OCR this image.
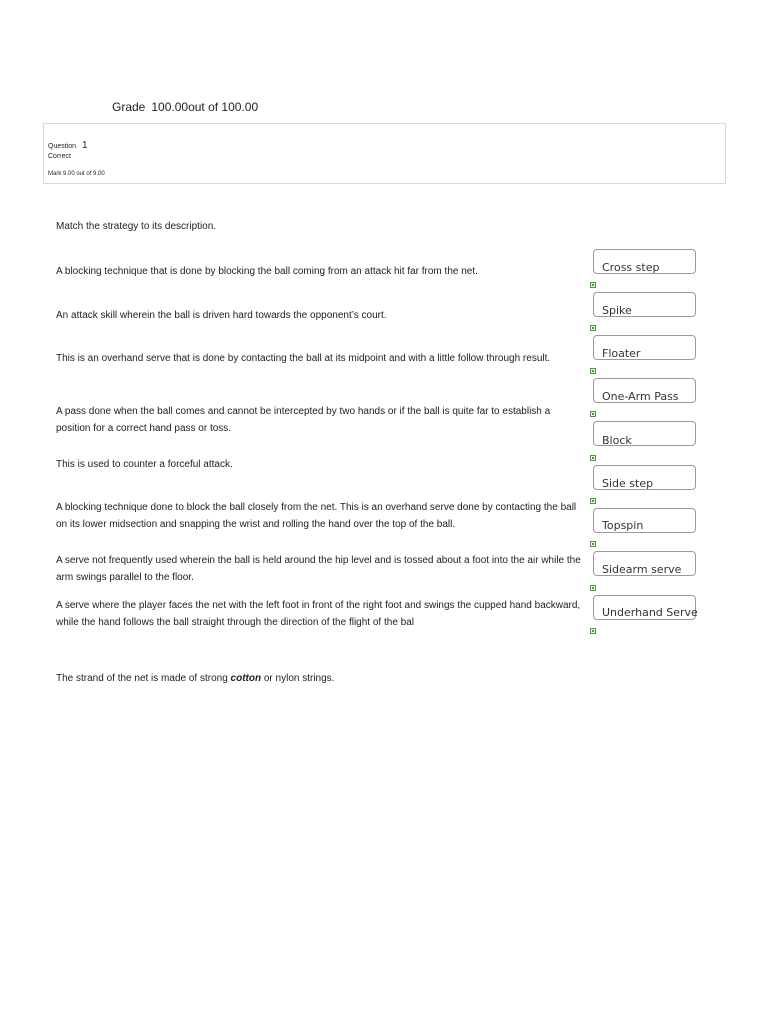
Grade 100.00out of 100.00
Question 1
Correct
Mark 9.00 out of 9.00
Match the strategy to its description.
A blocking technique that is done by blocking the ball coming from an attack hit far from the net.
An attack skill wherein the ball is driven hard towards the opponent’s court.
This is an overhand serve that is done by contacting the ball at its midpoint and with a little follow through result.
A pass done when the ball comes and cannot be intercepted by two hands or if the ball is quite far to establish a position for a correct hand pass or toss.
This is used to counter a forceful attack.
A blocking technique done to block the ball closely from the net. This is an overhand serve done by contacting the ball on its lower midsection and snapping the wrist and rolling the hand over the top of the ball.
A serve not frequently used wherein the ball is held around the hip level and is tossed about a foot into the air while the arm swings parallel to the floor.
A serve where the player faces the net with the left foot in front of the right foot and swings the cupped hand backward, while the hand follows the ball straight through the direction of the flight of the bal
Cross step
Spike
Floater
One-Arm Pass
Block
Side step
Topspin
Sidearm serve
Underhand Serve
The strand of the net is made of strong cotton or nylon strings.
